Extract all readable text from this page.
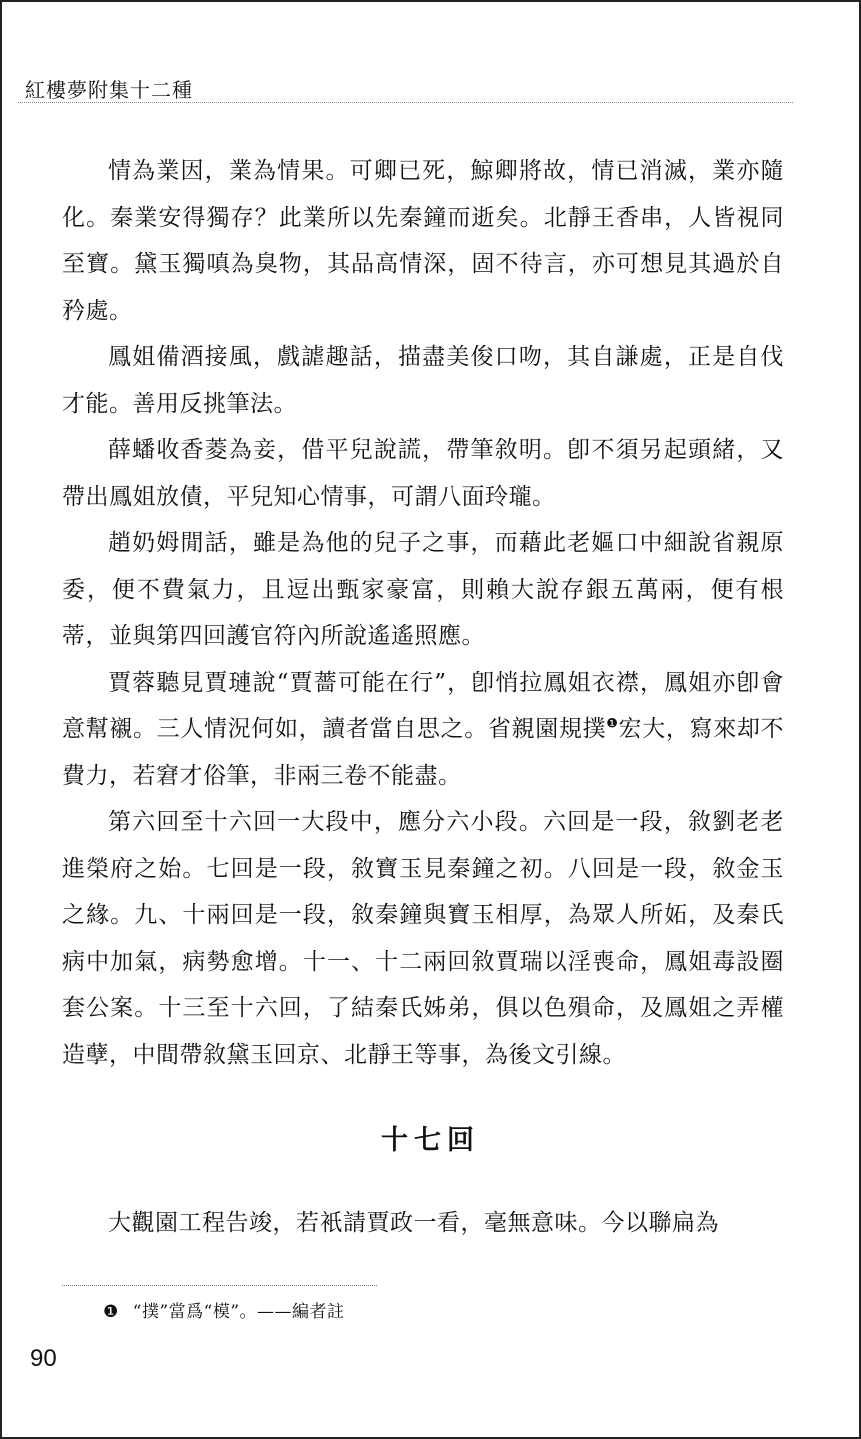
紅樓夢附集十二種

情為業因，業為情果。可卿已死，鯨卿將故，情已消滅，業亦隨化。秦業安得獨存？此業所以先秦鐘而逝矣。北靜王香串，人皆視同至寶。黛玉獨嗔為臭物，其品高情深，固不待言，亦可想見其過於自矜處。

鳳姐備酒接風，戲謔趣話，描盡美俊口吻，其自謙處，正是自伐才能。善用反挑筆法。

薛蟠收香菱為妾，借平兒說謊，帶筆敘明。卽不須另起頭緒，又帶出鳳姐放債，平兒知心情事，可謂八面玲瓏。

趙奶姆閒話，雖是為他的兒子之事，而藉此老嫗口中細說省親原委，便不費氣力，且逗出甄家豪富，則賴大說存銀五萬兩，便有根蒂，並與第四回護官符內所說遙遙照應。

賈蓉聽見賈璉說“賈薔可能在行”，卽悄拉鳳姐衣襟，鳳姐亦卽會意幫襯。三人情況何如，讀者當自思之。省親園規撲$^❶$宏大，寫來却不費力，若窘才俗筆，非兩三卷不能盡。

第六回至十六回一大段中，應分六小段。六回是一段，敘劉老老進榮府之始。七回是一段，敘寶玉見秦鐘之初。八回是一段，敘金玉之緣。九、十兩回是一段，敘秦鐘與寶玉相厚，為眾人所妬，及秦氏病中加氣，病勢愈增。十一、十二兩回敘賈瑞以淫喪命，鳳姐毒設圈套公案。十三至十六回，了結秦氏姊弟，俱以色殞命，及鳳姐之弄權造孽，中間帶敘黛玉回京、北靜王等事，為後文引線。

十七回

大觀園工程告竣，若衹請賈政一看，毫無意味。今以聯扁為

❶ “撲”當爲“模”。——編者註
90
